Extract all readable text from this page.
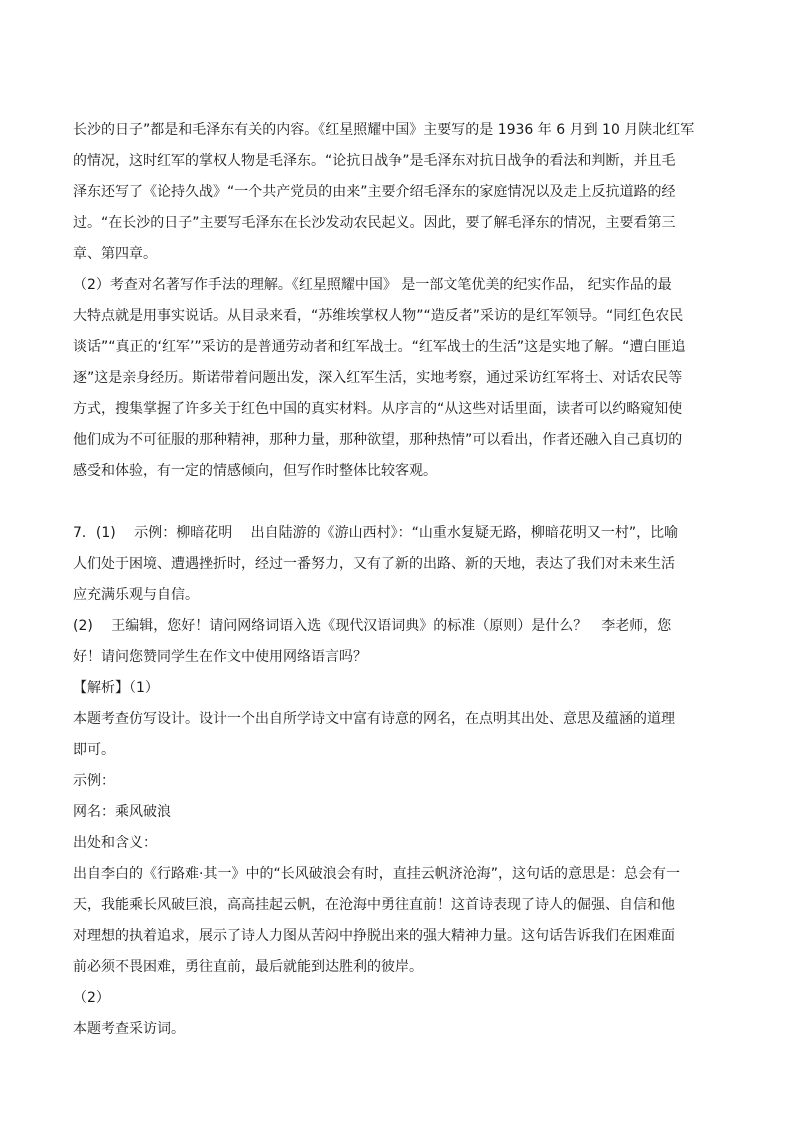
长沙的日子”都是和毛泽东有关的内容。《红星照耀中国》主要写的是 1936 年 6 月到 10 月陕北红军
的情况，这时红军的掌权人物是毛泽东。“论抗日战争”是毛泽东对抗日战争的看法和判断，并且毛
泽东还写了《论持久战》“一个共产党员的由来”主要介绍毛泽东的家庭情况以及走上反抗道路的经
过。“在长沙的日子”主要写毛泽东在长沙发动农民起义。因此，要了解毛泽东的情况，主要看第三
章、第四章。
（2）考查对名著写作手法的理解。《红星照耀中国》 是一部文笔优美的纪实作品， 纪实作品的最
大特点就是用事实说话。从目录来看，“苏维埃掌权人物”“造反者”采访的是红军领导。“同红色农民
谈话”“真正的‘红军’”采访的是普通劳动者和红军战士。“红军战士的生活”这是实地了解。“遭白匪追
逐”这是亲身经历。斯诺带着问题出发，深入红军生活，实地考察，通过采访红军将士、对话农民等
方式，搜集掌握了许多关于红色中国的真实材料。从序言的“从这些对话里面，读者可以约略窥知使
他们成为不可征服的那种精神，那种力量，那种欲望，那种热情”可以看出，作者还融入自己真切的
感受和体验，有一定的情感倾向，但写作时整体比较客观。
7．(1)　 示例：柳暗花明　 出自陆游的《游山西村》：“山重水复疑无路，柳暗花明又一村”，比喻
人们处于困境、遭遇挫折时，经过一番努力，又有了新的出路、新的天地，表达了我们对未来生活
应充满乐观与自信。
(2)　 王编辑，您好！请问网络词语入选《现代汉语词典》的标准（原则）是什么？　李老师，您
好！请问您赞同学生在作文中使用网络语言吗？
【解析】（1）
本题考查仿写设计。设计一个出自所学诗文中富有诗意的网名，在点明其出处、意思及蕴涵的道理
即可。
示例：
网名：乘风破浪
出处和含义：
出自李白的《行路难·其一》中的“长风破浪会有时，直挂云帆济沧海”，这句话的意思是：总会有一
天，我能乘长风破巨浪，高高挂起云帆，在沧海中勇往直前！这首诗表现了诗人的倔强、自信和他
对理想的执着追求，展示了诗人力图从苦闷中挣脱出来的强大精神力量。这句话告诉我们在困难面
前必须不畏困难，勇往直前，最后就能到达胜利的彼岸。
（2）
本题考查采访词。
